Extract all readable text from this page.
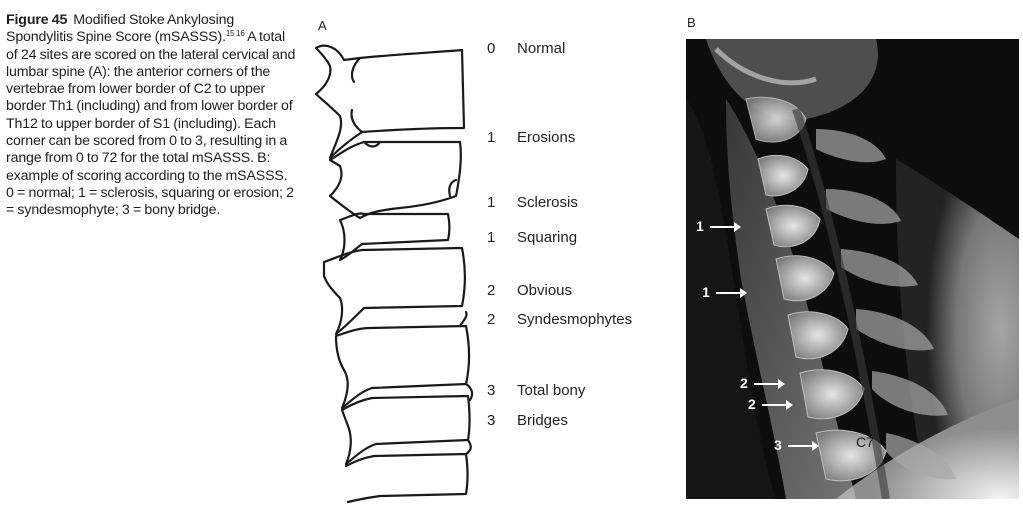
Figure 45 Modified Stoke Ankylosing Spondylitis Spine Score (mSASSS).$^{15 16}$ A total of 24 sites are scored on the lateral cervical and lumbar spine (A): the anterior corners of the vertebrae from lower border of C2 to upper border Th1 (including) and from lower border of Th12 to upper border of S1 (including). Each corner can be scored from 0 to 3, resulting in a range from 0 to 72 for the total mSASSS. B: example of scoring according to the mSASSS. 0 = normal; 1 = sclerosis, squaring or erosion; 2 = syndesmophyte; 3 = bony bridge.
A
0 Normal
1 Erosions
1 Sclerosis
1 Squaring
2 Obvious
2 Syndesmophytes
3 Total bony
3 Bridges
B
1
1
2
2
3	C7
